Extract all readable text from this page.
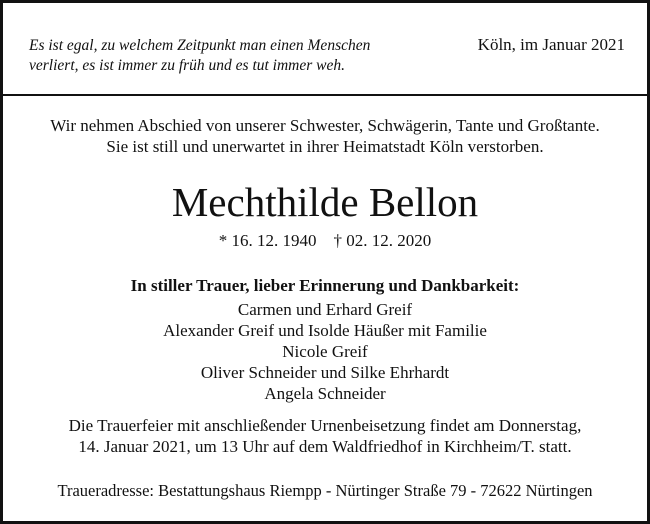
Es ist egal, zu welchem Zeitpunkt man einen Menschen
verliert, es ist immer zu früh und es tut immer weh.
Köln, im Januar 2021
Wir nehmen Abschied von unserer Schwester, Schwägerin, Tante und Großtante.
Sie ist still und unerwartet in ihrer Heimatstadt Köln verstorben.
Mechthilde Bellon
* 16. 12. 1940    † 02. 12. 2020
In stiller Trauer, lieber Erinnerung und Dankbarkeit:
Carmen und Erhard Greif
Alexander Greif und Isolde Häußer mit Familie
Nicole Greif
Oliver Schneider und Silke Ehrhardt
Angela Schneider
Die Trauerfeier mit anschließender Urnenbeisetzung findet am Donnerstag,
14. Januar 2021, um 13 Uhr auf dem Waldfriedhof in Kirchheim/T. statt.
Traueradresse: Bestattungshaus Riempp - Nürtinger Straße 79 - 72622 Nürtingen
